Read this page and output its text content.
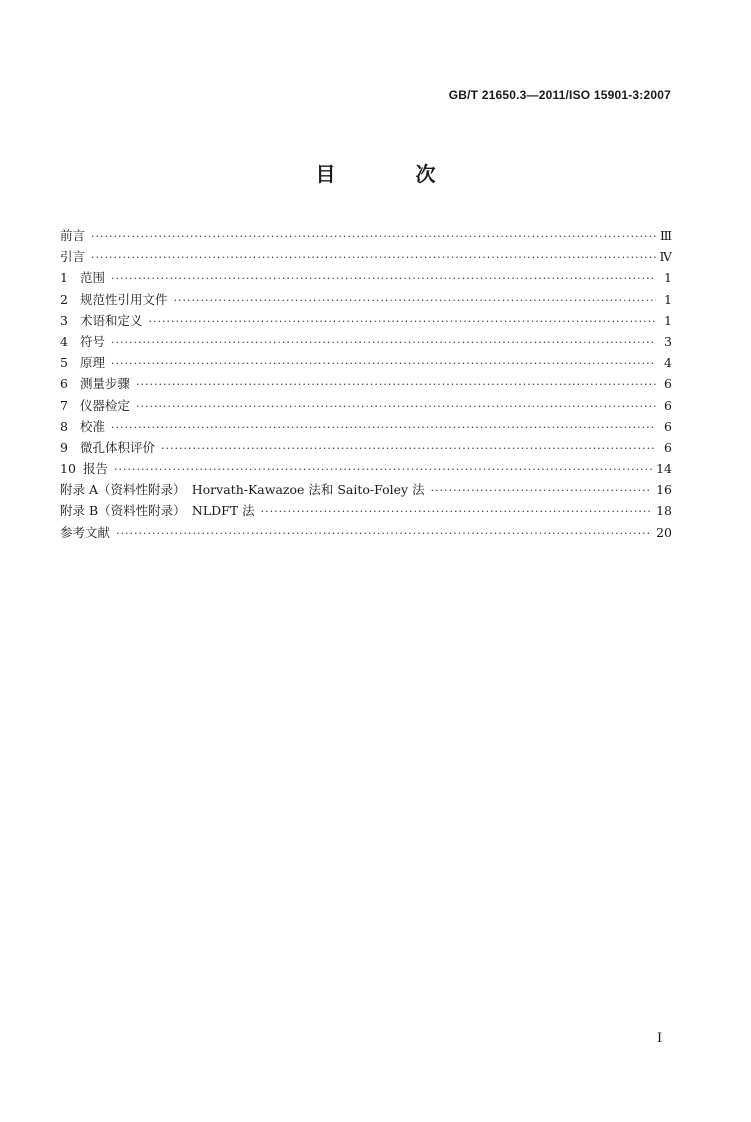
GB/T 21650.3—2011/ISO 15901-3:2007
目　次
前言 ·····	Ⅲ
引言 ·····	Ⅳ
1 范围 ·····	1
2 规范性引用文件 ·····	1
3 术语和定义 ·····	1
4 符号 ·····	3
5 原理 ·····	4
6 测量步骤 ·····	6
7 仪器检定 ·····	6
8 校准 ·····	6
9 微孔体积评价 ·····	6
10 报告 ·····	14
附录 A（资料性附录）　Horvath-Kawazoe 法和 Saito-Foley 法 ·····	16
附录 B（资料性附录）　NLDFT 法 ·····	18
参考文献 ·····	20
I
